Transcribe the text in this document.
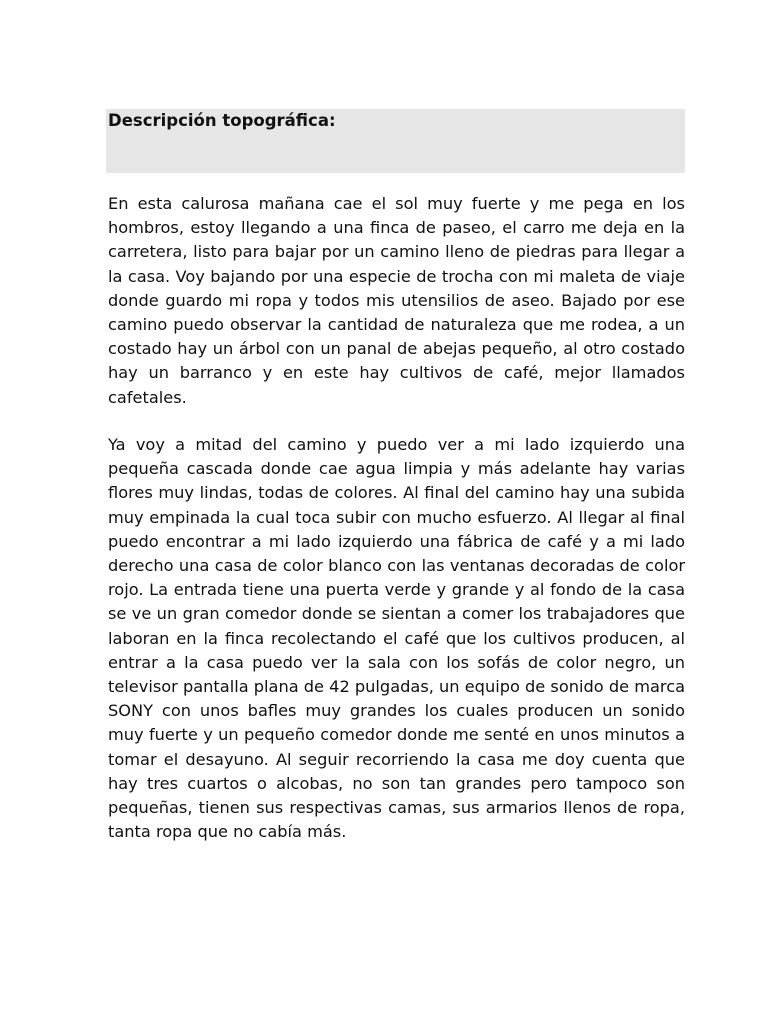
Descripción topográfica:

En esta calurosa mañana cae el sol muy fuerte y me pega en los hombros, estoy llegando a una finca de paseo, el carro me deja en la carretera, listo para bajar por un camino lleno de piedras para llegar a la casa. Voy bajando por una especie de trocha con mi maleta de viaje donde guardo mi ropa y todos mis utensilios de aseo. Bajado por ese camino puedo observar la cantidad de naturaleza que me rodea, a un costado hay un árbol con un panal de abejas pequeño, al otro costado hay un barranco y en este hay cultivos de café, mejor llamados cafetales.

Ya voy a mitad del camino y puedo ver a mi lado izquierdo una pequeña cascada donde cae agua limpia y más adelante hay varias flores muy lindas, todas de colores. Al final del camino hay una subida muy empinada la cual toca subir con mucho esfuerzo. Al llegar al final puedo encontrar a mi lado izquierdo una fábrica de café y a mi lado derecho una casa de color blanco con las ventanas decoradas de color rojo. La entrada tiene una puerta verde y grande y al fondo de la casa se ve un gran comedor donde se sientan a comer los trabajadores que laboran en la finca recolectando el café que los cultivos producen, al entrar a la casa puedo ver la sala con los sofás de color negro, un televisor pantalla plana de 42 pulgadas, un equipo de sonido de marca SONY con unos bafles muy grandes los cuales producen un sonido muy fuerte y un pequeño comedor donde me senté en unos minutos a tomar el desayuno. Al seguir recorriendo la casa me doy cuenta que hay tres cuartos o alcobas, no son tan grandes pero tampoco son pequeñas, tienen sus respectivas camas, sus armarios llenos de ropa, tanta ropa que no cabía más.
